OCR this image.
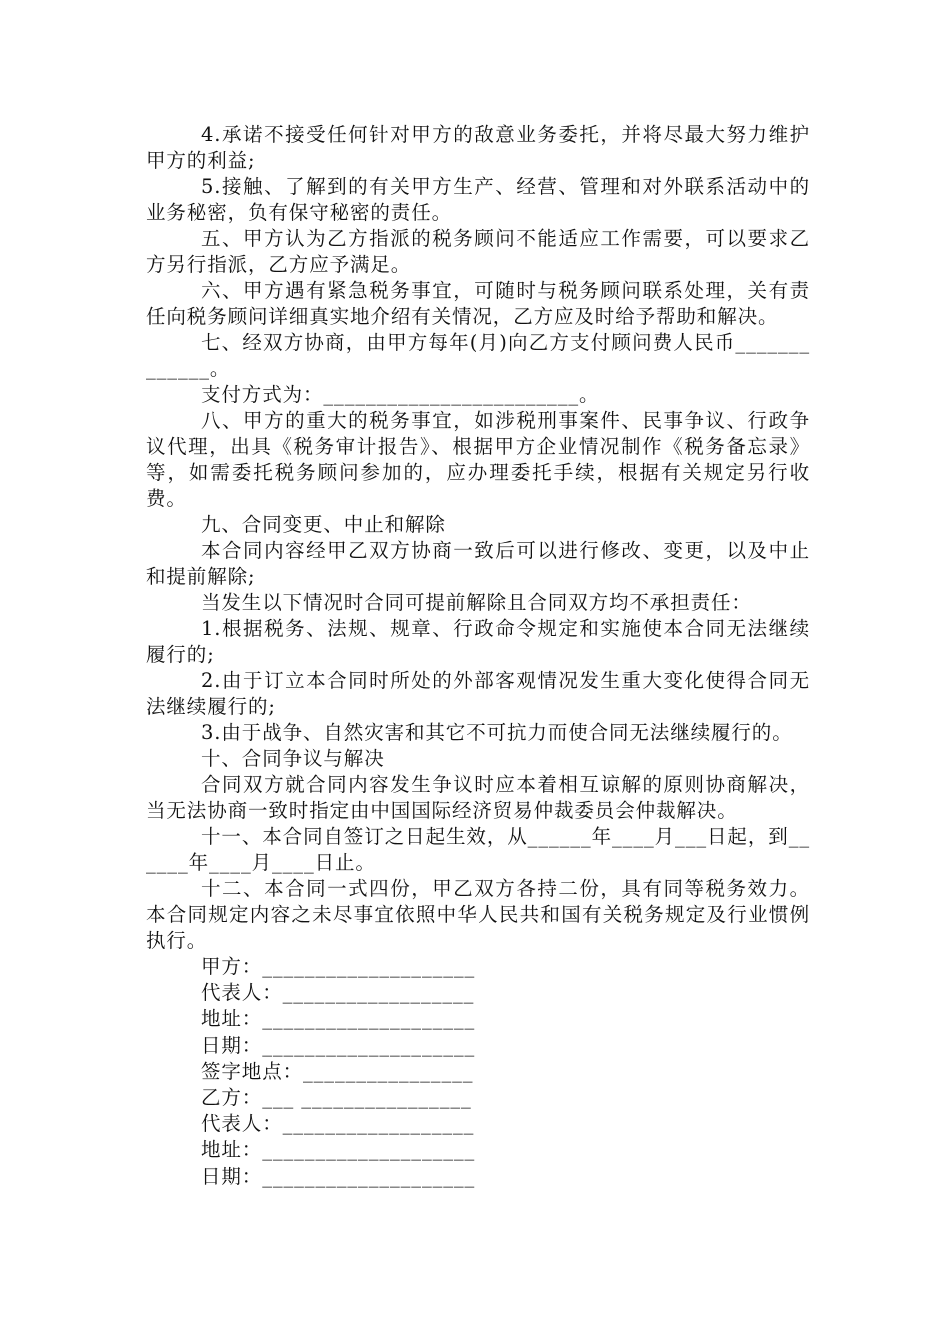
4.承诺不接受任何针对甲方的敌意业务委托，并将尽最大努力维护甲方的利益;

5.接触、了解到的有关甲方生产、经营、管理和对外联系活动中的业务秘密，负有保守秘密的责任。

五、甲方认为乙方指派的税务顾问不能适应工作需要，可以要求乙方另行指派，乙方应予满足。

六、甲方遇有紧急税务事宜，可随时与税务顾问联系处理，关有责任向税务顾问详细真实地介绍有关情况，乙方应及时给予帮助和解决。

七、经双方协商，由甲方每年(月)向乙方支付顾问费人民币_____________。

支付方式为：________________________。

八、甲方的重大的税务事宜，如涉税刑事案件、民事争议、行政争议代理，出具《税务审计报告》、根据甲方企业情况制作《税务备忘录》等，如需委托税务顾问参加的，应办理委托手续，根据有关规定另行收费。

九、合同变更、中止和解除

本合同内容经甲乙双方协商一致后可以进行修改、变更，以及中止和提前解除;

当发生以下情况时合同可提前解除且合同双方均不承担责任：

1.根据税务、法规、规章、行政命令规定和实施使本合同无法继续履行的;

2.由于订立本合同时所处的外部客观情况发生重大变化使得合同无法继续履行的;

3.由于战争、自然灾害和其它不可抗力而使合同无法继续履行的。

十、合同争议与解决

合同双方就合同内容发生争议时应本着相互谅解的原则协商解决，当无法协商一致时指定由中国国际经济贸易仲裁委员会仲裁解决。

十一、本合同自签订之日起生效，从______年____月___日起，到______年____月____日止。

十二、本合同一式四份，甲乙双方各持二份，具有同等税务效力。本合同规定内容之未尽事宜依照中华人民共和国有关税务规定及行业惯例执行。

甲方：____________________

代表人：__________________

地址：____________________

日期：____________________

签字地点：________________

乙方：___ ________________

代表人：__________________

地址：____________________

日期：____________________
